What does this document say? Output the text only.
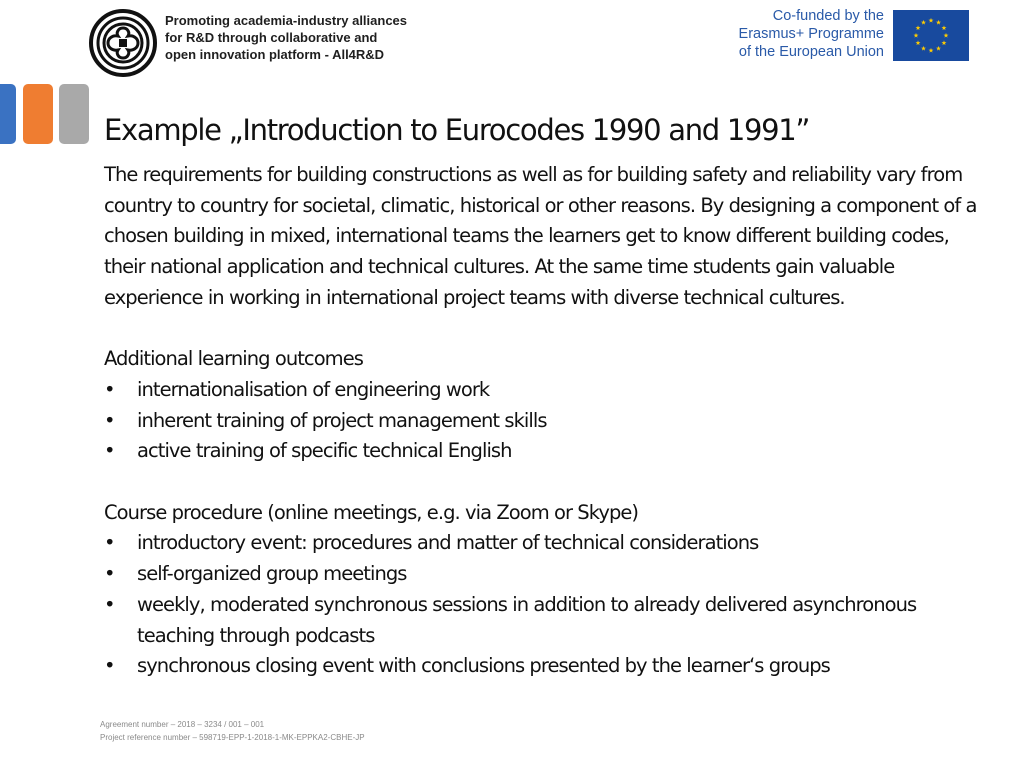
Promoting academia-industry alliances
for R&D through collaborative and
open innovation platform - All4R&D
Co-funded by the
Erasmus+ Programme
of the European Union
Example „Introduction to Eurocodes 1990 and 1991”

The requirements for building constructions as well as for building safety and reliability vary from country to country for societal, climatic, historical or other reasons. By designing a component of a chosen building in mixed, international teams the learners get to know different building codes, their national application and technical cultures. At the same time students gain valuable experience in working in international project teams with diverse technical cultures.

Additional learning outcomes

• internationalisation of engineering work
• inherent training of project management skills
• active training of specific technical English

Course procedure (online meetings, e.g. via Zoom or Skype)

• introductory event: procedures and matter of technical considerations
• self-organized group meetings
• weekly, moderated synchronous sessions in addition to already delivered asynchronous teaching through podcasts
• synchronous closing event with conclusions presented by the learner‘s groups
Agreement number – 2018 – 3234 / 001 – 001
Project reference number – 598719-EPP-1-2018-1-MK-EPPKA2-CBHE-JP
